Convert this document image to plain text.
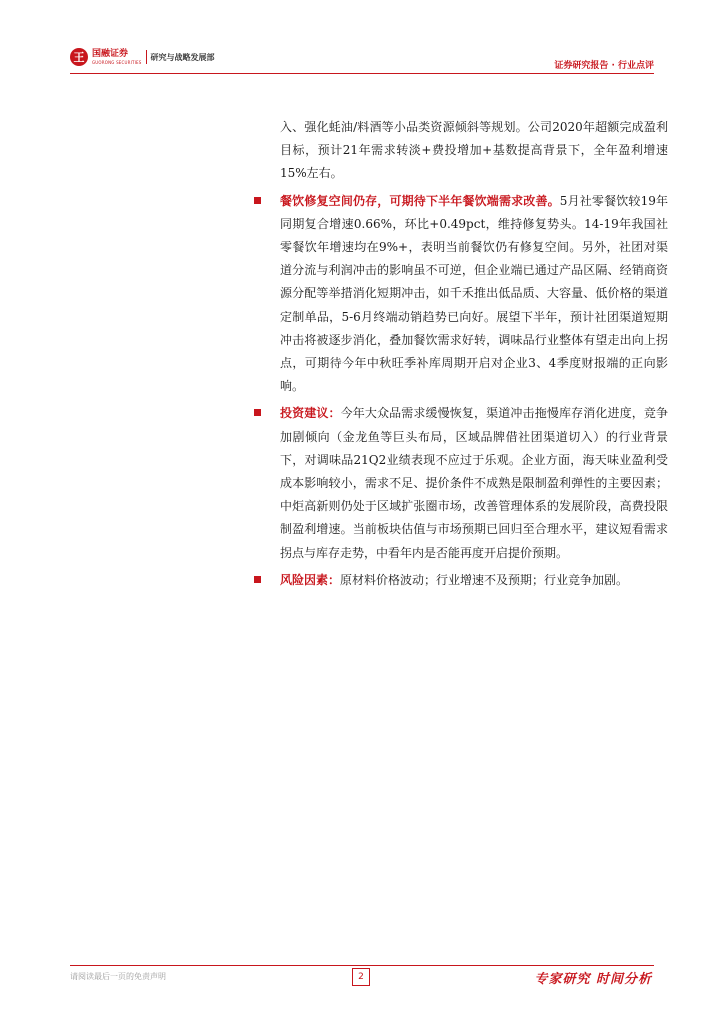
王 国融证券
GUORONG SECURITIES
研究与战略发展部
证券研究报告 · 行业点评

入、强化蚝油/料酒等小品类资源倾斜等规划。公司2020年超额完成盈利目标，预计21年需求转淡+费投增加+基数提高背景下，全年盈利增速15%左右。

餐饮修复空间仍存，可期待下半年餐饮端需求改善。5月社零餐饮较19年同期复合增速0.66%，环比+0.49pct，维持修复势头。14-19年我国社零餐饮年增速均在9%+，表明当前餐饮仍有修复空间。另外，社团对渠道分流与利润冲击的影响虽不可逆，但企业端已通过产品区隔、经销商资源分配等举措消化短期冲击，如千禾推出低品质、大容量、低价格的渠道定制单品，5-6月终端动销趋势已向好。展望下半年，预计社团渠道短期冲击将被逐步消化，叠加餐饮需求好转，调味品行业整体有望走出向上拐点，可期待今年中秋旺季补库周期开启对企业3、4季度财报端的正向影响。

投资建议：今年大众品需求缓慢恢复，渠道冲击拖慢库存消化进度，竞争加剧倾向（金龙鱼等巨头布局，区域品牌借社团渠道切入）的行业背景下，对调味品21Q2业绩表现不应过于乐观。企业方面，海天味业盈利受成本影响较小，需求不足、提价条件不成熟是限制盈利弹性的主要因素；中炬高新则仍处于区域扩张圈市场，改善管理体系的发展阶段，高费投限制盈利增速。当前板块估值与市场预期已回归至合理水平，建议短看需求拐点与库存走势，中看年内是否能再度开启提价预期。

风险因素：原材料价格波动；行业增速不及预期；行业竞争加剧。

请阅读最后一页的免责声明	2	专家研究 时间分析
